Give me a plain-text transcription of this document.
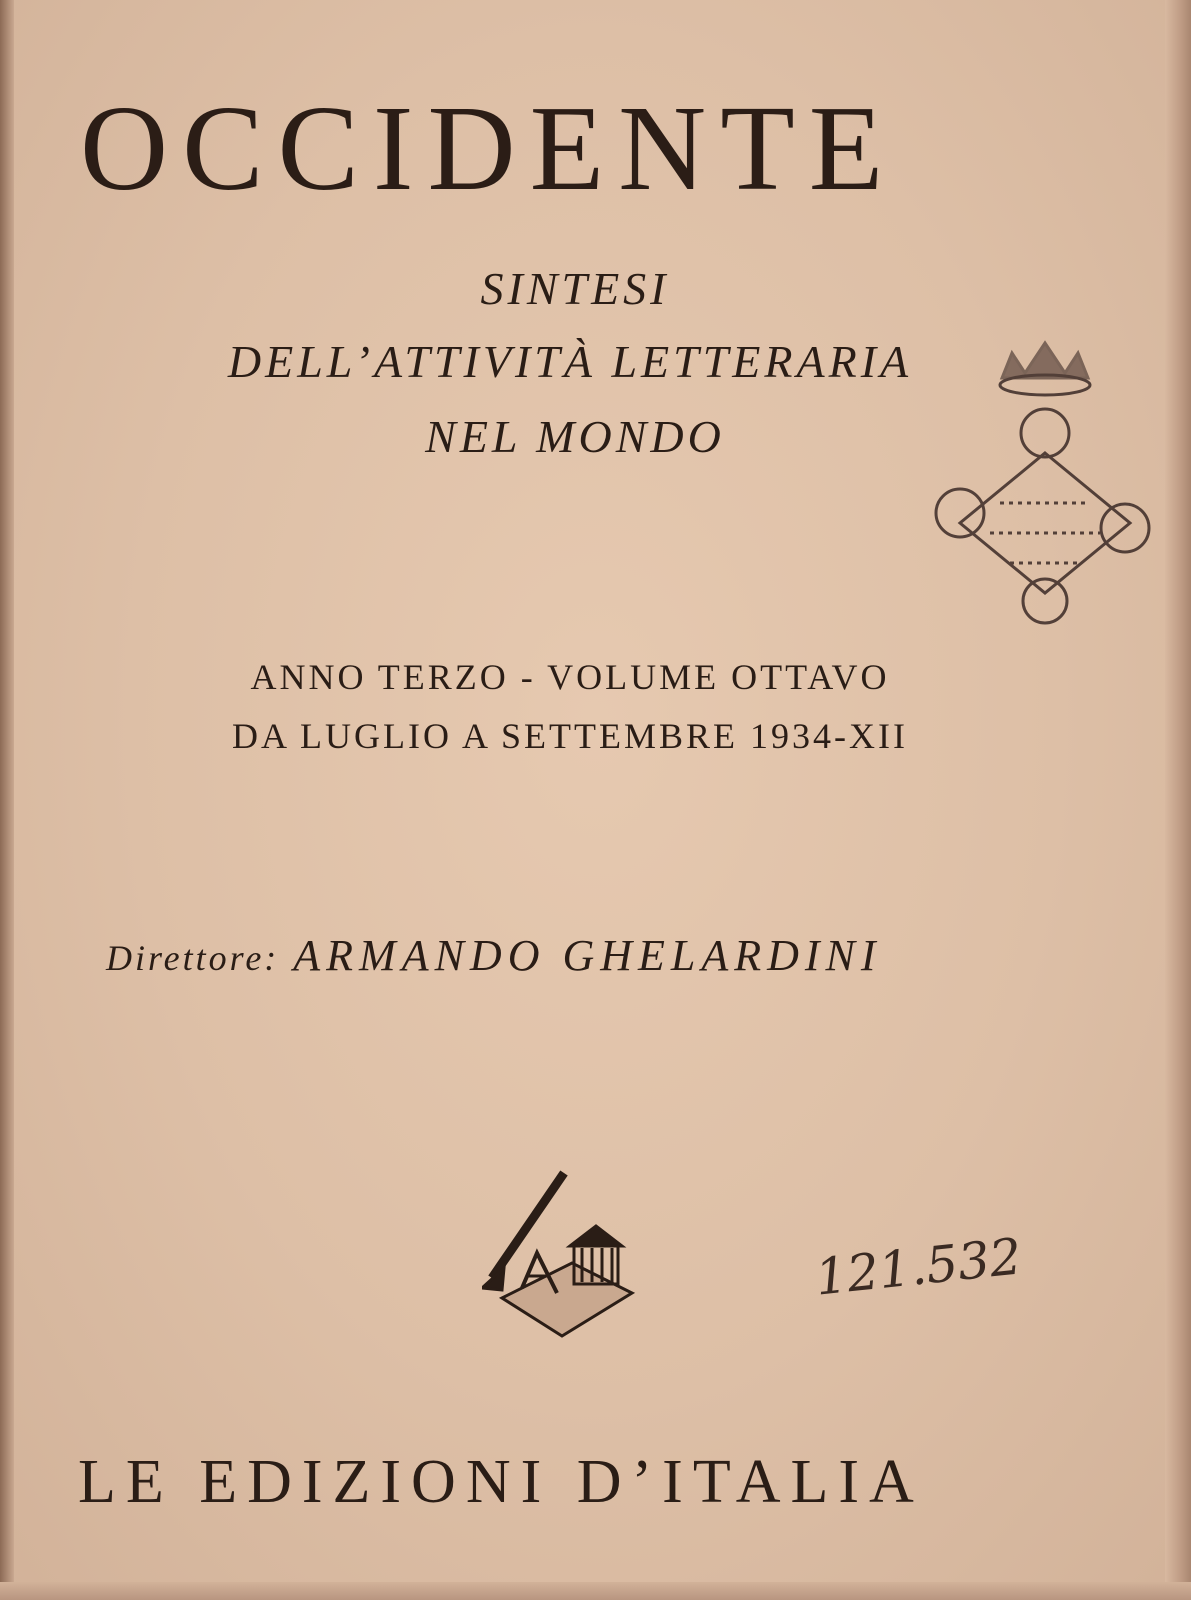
OCCIDENTE
SINTESI
DELL’ATTIVITÀ LETTERARIA
NEL MONDO
ANNO TERZO - VOLUME OTTAVO
DA LUGLIO A SETTEMBRE 1934-XII
Direttore: ARMANDO GHELARDINI
121.532
LE EDIZIONI D’ITALIA
